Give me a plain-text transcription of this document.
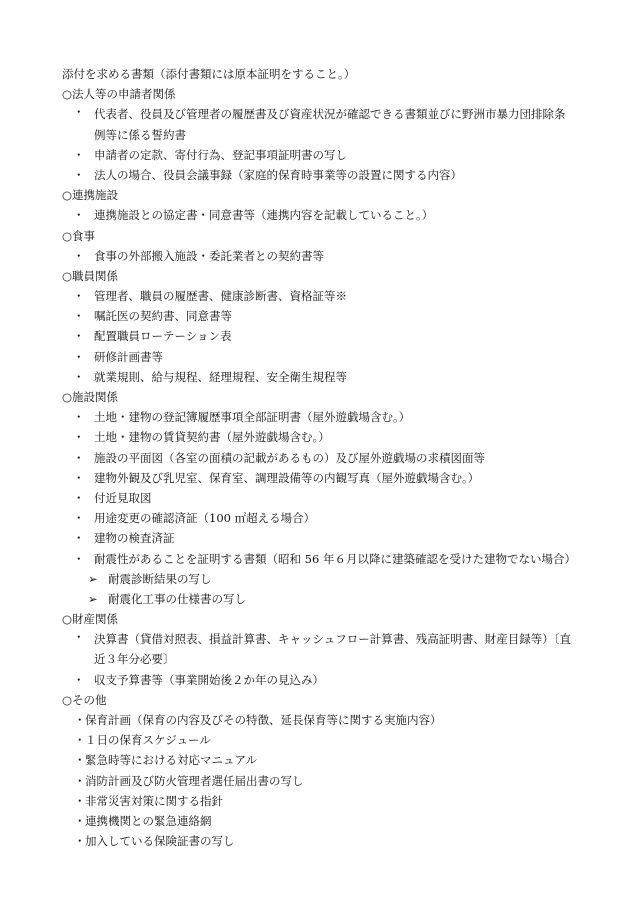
添付を求める書類（添付書類には原本証明をすること。）
○法人等の申請者関係
・ 代表者、役員及び管理者の履歴書及び資産状況が確認できる書類並びに野洲市暴力団排除条例等に係る誓約書
・ 申請者の定款、寄付行為、登記事項証明書の写し
・ 法人の場合、役員会議事録（家庭的保育時事業等の設置に関する内容）
○連携施設
・ 連携施設との協定書・同意書等（連携内容を記載していること。）
○食事
・ 食事の外部搬入施設・委託業者との契約書等
○職員関係
・ 管理者、職員の履歴書、健康診断書、資格証等※
・ 嘱託医の契約書、同意書等
・ 配置職員ローテーション表
・ 研修計画書等
・ 就業規則、給与規程、経理規程、安全衛生規程等
○施設関係
・ 土地・建物の登記簿履歴事項全部証明書（屋外遊戯場含む。）
・ 土地・建物の賃貸契約書（屋外遊戯場含む。）
・ 施設の平面図（各室の面積の記載があるもの）及び屋外遊戯場の求積図面等
・ 建物外観及び乳児室、保育室、調理設備等の内観写真（屋外遊戯場含む。）
・ 付近見取図
・ 用途変更の確認済証（100 ㎡超える場合）
・ 建物の検査済証
・ 耐震性があることを証明する書類（昭和 56 年６月以降に建築確認を受けた建物でない場合）
➢ 耐震診断結果の写し
➢ 耐震化工事の仕様書の写し
○財産関係
・ 決算書（貸借対照表、損益計算書、キャッシュフロー計算書、残高証明書、財産目録等）〔直近３年分必要〕
・ 収支予算書等（事業開始後２か年の見込み）
○その他
・ 保育計画（保育の内容及びその特徴、延長保育等に関する実施内容）
・ １日の保育スケジュール
・ 緊急時等における対応マニュアル
・ 消防計画及び防火管理者選任届出書の写し
・ 非常災害対策に関する指針
・ 連携機関との緊急連絡網
・ 加入している保険証書の写し
